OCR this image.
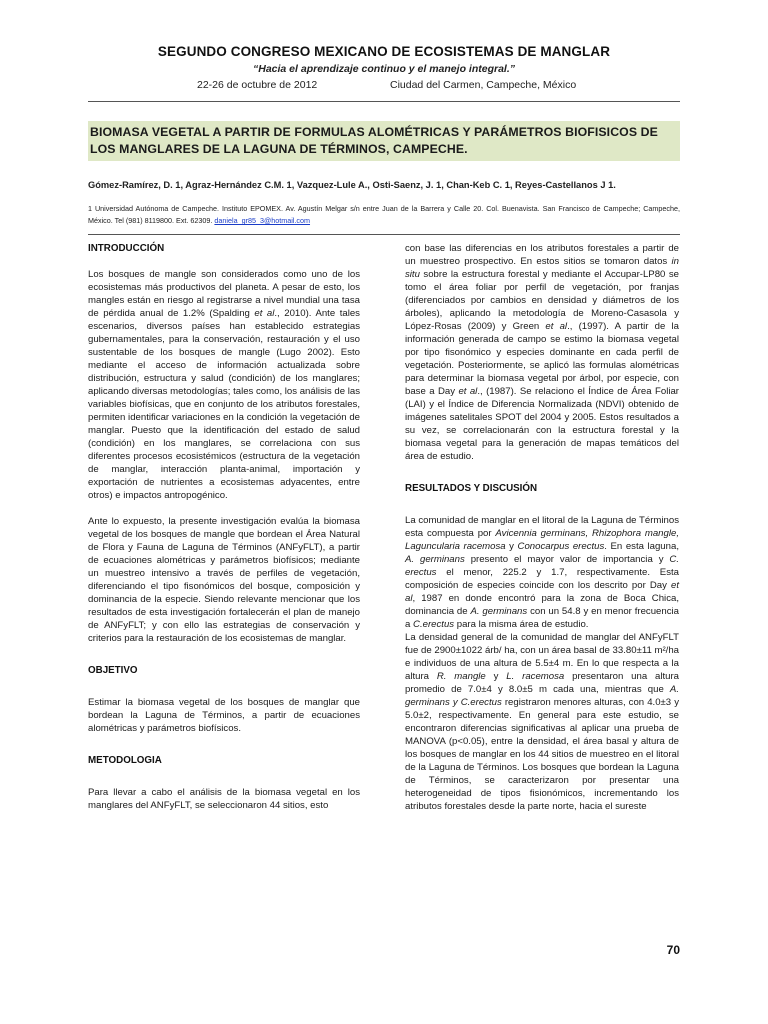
SEGUNDO CONGRESO MEXICANO DE ECOSISTEMAS DE MANGLAR
“Hacia el aprendizaje continuo y el manejo integral.”
22-26 de octubre de 2012	Ciudad del Carmen, Campeche, México
BIOMASA VEGETAL A PARTIR DE FORMULAS ALOMÉTRICAS Y PARÁMETROS BIOFISICOS DE
LOS MANGLARES DE LA LAGUNA DE TÉRMINOS, CAMPECHE.
Gómez-Ramírez, D. 1, Agraz-Hernández C.M. 1, Vazquez-Lule A., Osti-Saenz, J. 1, Chan-Keb C. 1, Reyes-Castellanos J 1.
1 Universidad Autónoma de Campeche. Instituto EPOMEX. Av. Agustín Melgar s/n entre Juan de la Barrera y Calle 20. Col. Buenavista. San Francisco de Campeche; Campeche, México. Tel (981) 8119800. Ext. 62309. daniela_gr85_3@hotmail.com

INTRODUCCIÓN

Los bosques de mangle son considerados como uno de los ecosistemas más productivos del planeta. A pesar de esto, los mangles están en riesgo al registrarse a nivel mundial una tasa de pérdida anual de 1.2% (Spalding et al., 2010). Ante tales escenarios, diversos países han establecido estrategias gubernamentales, para la conservación, restauración y el uso sustentable de los bosques de mangle (Lugo 2002). Esto mediante el acceso de información actualizada sobre distribución, estructura y salud (condición) de los manglares; aplicando diversas metodologías; tales como, los análisis de las variables biofísicas, que en conjunto de los atributos forestales, permiten identificar variaciones en la condición la vegetación de manglar. Puesto que la identificación del estado de salud (condición) en los manglares, se correlaciona con sus diferentes procesos ecosistémicos (estructura de la vegetación de manglar, interacción planta-animal, importación y exportación de nutrientes a ecosistemas adyacentes, entre otros) e impactos antropogénico.

Ante lo expuesto, la presente investigación evalúa la biomasa vegetal de los bosques de mangle que bordean el Área Natural de Flora y Fauna de Laguna de Términos (ANFyFLT), a partir de ecuaciones alométricas y parámetros biofísicos; mediante un muestreo intensivo a través de perfiles de vegetación, diferenciando el tipo fisonómicos del bosque, composición y dominancia de la especie. Siendo relevante mencionar que los resultados de esta investigación fortalecerán el plan de manejo de ANFyFLT; y con ello las estrategias de conservación y criterios para la restauración de los ecosistemas de manglar.

OBJETIVO

Estimar la biomasa vegetal de los bosques de manglar que bordean la Laguna de Términos, a partir de ecuaciones alométricas y parámetros biofísicos.

METODOLOGIA

Para llevar a cabo el análisis de la biomasa vegetal en los manglares del ANFyFLT, se seleccionaron 44 sitios, esto

con base las diferencias en los atributos forestales a partir de un muestreo prospectivo. En estos sitios se tomaron datos in situ sobre la estructura forestal y mediante el Accupar-LP80 se tomo el área foliar por perfil de vegetación, por franjas (diferenciados por cambios en densidad y diámetros de los árboles), aplicando la metodología de Moreno-Casasola y López-Rosas (2009) y Green et al., (1997). A partir de la información generada de campo se estimo la biomasa vegetal por tipo fisonómico y especies dominante en cada perfil de vegetación. Posteriormente, se aplicó las formulas alométricas para determinar la biomasa vegetal por árbol, por especie, con base a Day et al., (1987). Se relaciono el Índice de Área Foliar (LAI) y el Índice de Diferencia Normalizada (NDVI) obtenido de imágenes satelitales SPOT del 2004 y 2005. Estos resultados a su vez, se correlacionarán con la estructura forestal y la biomasa vegetal para la generación de mapas temáticos del área de estudio.

RESULTADOS Y DISCUSIÓN

La comunidad de manglar en el litoral de la Laguna de Términos esta compuesta por Avicennia germinans, Rhizophora mangle, Laguncularia racemosa y Conocarpus erectus. En esta laguna, A. germinans presento el mayor valor de importancia y C. erectus el menor, 225.2 y 1.7, respectivamente. Esta composición de especies coincide con los descrito por Day et al, 1987 en donde encontró para la zona de Boca Chica, dominancia de A. germinans con un 54.8 y en menor frecuencia a C.erectus para la misma área de estudio.

La densidad general de la comunidad de manglar del ANFyFLT fue de 2900±1022 árb/ ha, con un área basal de 33.80±11 m²/ha e individuos de una altura de 5.5±4 m. En lo que respecta a la altura R. mangle y L. racemosa presentaron una altura promedio de 7.0±4 y 8.0±5 m cada una, mientras que A. germinans y C.erectus registraron menores alturas, con 4.0±3 y 5.0±2, respectivamente. En general para este estudio, se encontraron diferencias significativas al aplicar una prueba de MANOVA (p<0.05), entre la densidad, el área basal y altura de los bosques de manglar en los 44 sitios de muestreo en el litoral de la Laguna de Términos. Los bosques que bordean la Laguna de Términos, se caracterizaron por presentar una heterogeneidad de tipos fisionómicos, incrementando los atributos forestales desde la parte norte, hacia el sureste

70
